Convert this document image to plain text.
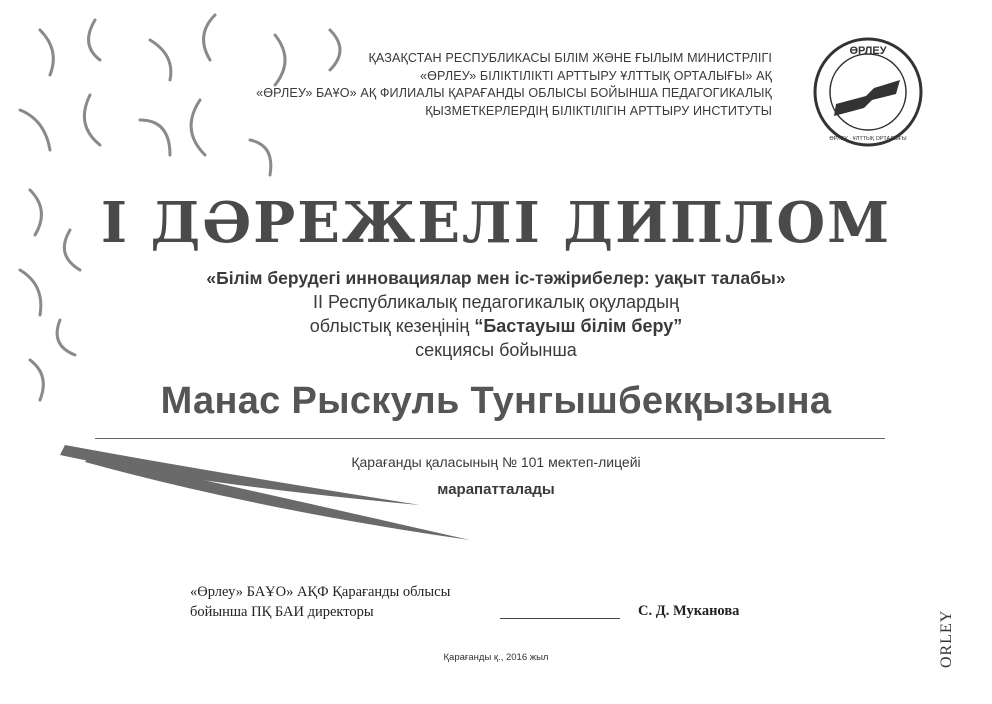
ҚАЗАҚСТАН РЕСПУБЛИКАСЫ БІЛІМ ЖӘНЕ ҒЫЛЫМ МИНИСТРЛІГІ
«ӨРЛЕУ» БІЛІКТІЛІКТІ АРТТЫРУ ҰЛТТЫҚ ОРТАЛЫҒЫ» АҚ
«ӨРЛЕУ» БАҰО» АҚ ФИЛИАЛЫ ҚАРАҒАНДЫ ОБЛЫСЫ БОЙЫНША ПЕДАГОГИКАЛЫҚ
ҚЫЗМЕТКЕРЛЕРДІҢ БІЛІКТІЛІГІН АРТТЫРУ ИНСТИТУТЫ
ӨРЛЕУ
ӨРЛЕУ · ҰЛТТЫҚ ОРТАЛЫҒЫ
I ДӘРЕЖЕЛІ ДИПЛОМ
«Білім берудегі инновациялар мен іс-тәжірибелер: уақыт талабы»
II Республикалық педагогикалық оқулардың
облыстық кезеңінің “Бастауыш білім беру”
секциясы бойынша
Манас Рыскуль Тунгышбекқызына
Қарағанды қаласының № 101 мектеп-лицейі
марапатталады
«Өрлеу» БАҰО» АҚФ Қарағанды облысы
бойынша ПҚ БАИ директоры	С. Д. Муканова
Қарағанды қ., 2016 жыл	ORLEY
